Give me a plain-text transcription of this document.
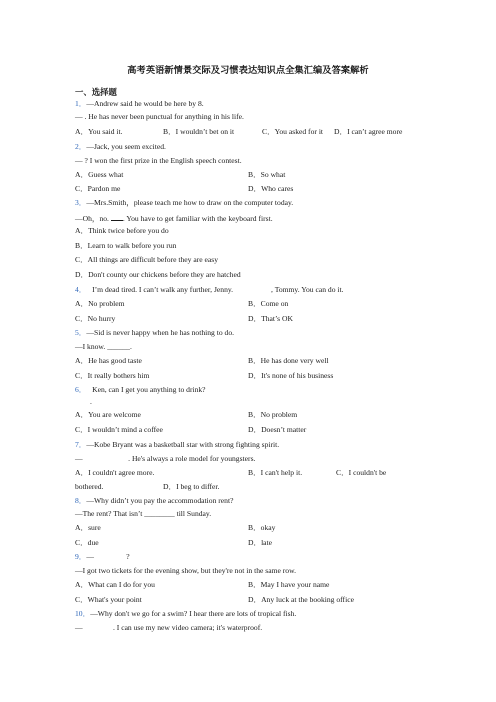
高考英语新情景交际及习惯表达知识点全集汇编及答案解析
一、选择题
1．—Andrew said he would be here by 8.
— . He has never been punctual for anything in his life.
A．You said it.	B．I wouldn’t bet on it	C．You asked for it D．I can’t agree more
2．—Jack, you seem excited.
— ? I won the first prize in the English speech contest.
A．Guess what	B．So what
C．Pardon me	D．Who cares
3．—Mrs.Smith，please teach me how to draw on the computer today.
—Oh，no. . You have to get familiar with the keyboard first.
A．Think twice before you do
B．Learn to walk before you run
C．All things are difficult before they are easy
D．Don't county our chickens before they are hatched
4． I’m dead tired. I can’t walk any further, Jenny.	, Tommy. You can do it.
A．No problem	B．Come on
C．No hurry	D．That’s OK
5．—Sid is never happy when he has nothing to do.
—I know. ______.
A．He has good taste	B．He has done very well
C．It really bothers him	D．It's none of his business
6． Ken, can I get you anything to drink?
.
A．You are welcome	B．No problem
C．I wouldn’t mind a coffee	D．Doesn’t matter
7．—Kobe Bryant was a basketball star with strong fighting spirit.
—	. He's always a role model for youngsters.
A．I couldn't agree more.	B．I can't help it.	C．I couldn't be
bothered.	D．I beg to differ.
8．—Why didn’t you pay the accommodation rent?
—The rent? That isn’t ________ till Sunday.
A．sure	B．okay
C．due	D．late
9．—	?
—I got two tickets for the evening show, but they're not in the same row.
A．What can I do for you	B．May I have your name
C．What's your point	D．Any luck at the booking office
10．—Why don't we go for a swim? I hear there are lots of tropical fish.
—	. I can use my new video camera; it's waterproof.
